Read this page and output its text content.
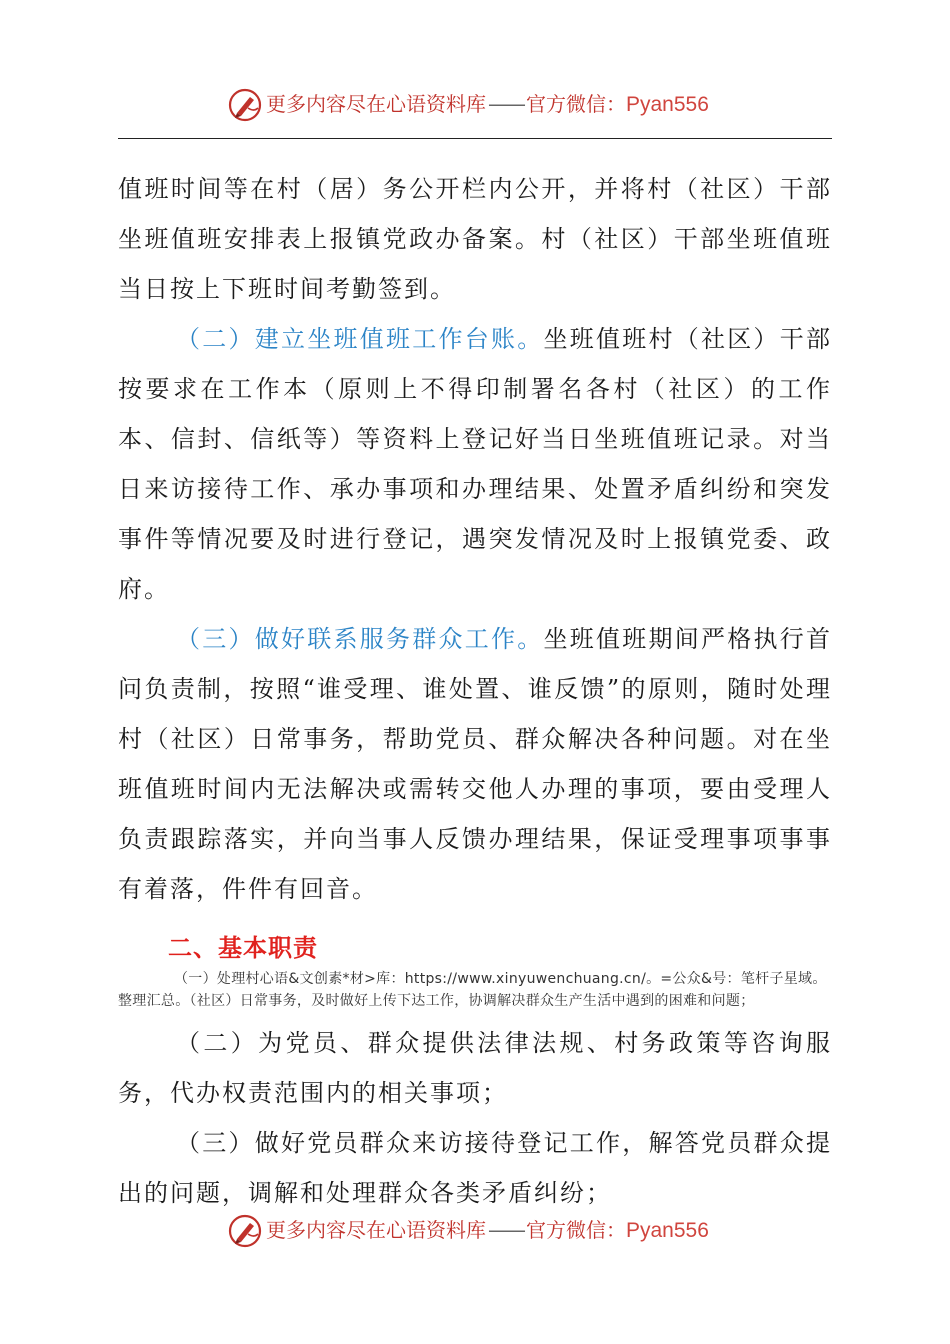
更多内容尽在心语资料库 —— 官方微信：Pyan556

值班时间等在村（居）务公开栏内公开，并将村（社区）干部坐班值班安排表上报镇党政办备案。村（社区）干部坐班值班当日按上下班时间考勤签到。

（二）建立坐班值班工作台账。坐班值班村（社区）干部按要求在工作本（原则上不得印制署名各村（社区）的工作本、信封、信纸等）等资料上登记好当日坐班值班记录。对当日来访接待工作、承办事项和办理结果、处置矛盾纠纷和突发事件等情况要及时进行登记，遇突发情况及时上报镇党委、政府。

（三）做好联系服务群众工作。坐班值班期间严格执行首问负责制，按照“谁受理、谁处置、谁反馈”的原则，随时处理村（社区）日常事务，帮助党员、群众解决各种问题。对在坐班值班时间内无法解决或需转交他人办理的事项，要由受理人负责跟踪落实，并向当事人反馈办理结果，保证受理事项事事有着落，件件有回音。

二、基本职责

（一）处理村心语&文创素*材>库：https://www.xinyuwenchuang.cn/。=公众&号：笔杆子星域。整理汇总。（社区）日常事务，及时做好上传下达工作，协调解决群众生产生活中遇到的困难和问题；

（二）为党员、群众提供法律法规、村务政策等咨询服务，代办权责范围内的相关事项；

（三）做好党员群众来访接待登记工作，解答党员群众提出的问题，调解和处理群众各类矛盾纠纷；

更多内容尽在心语资料库 —— 官方微信：Pyan556
